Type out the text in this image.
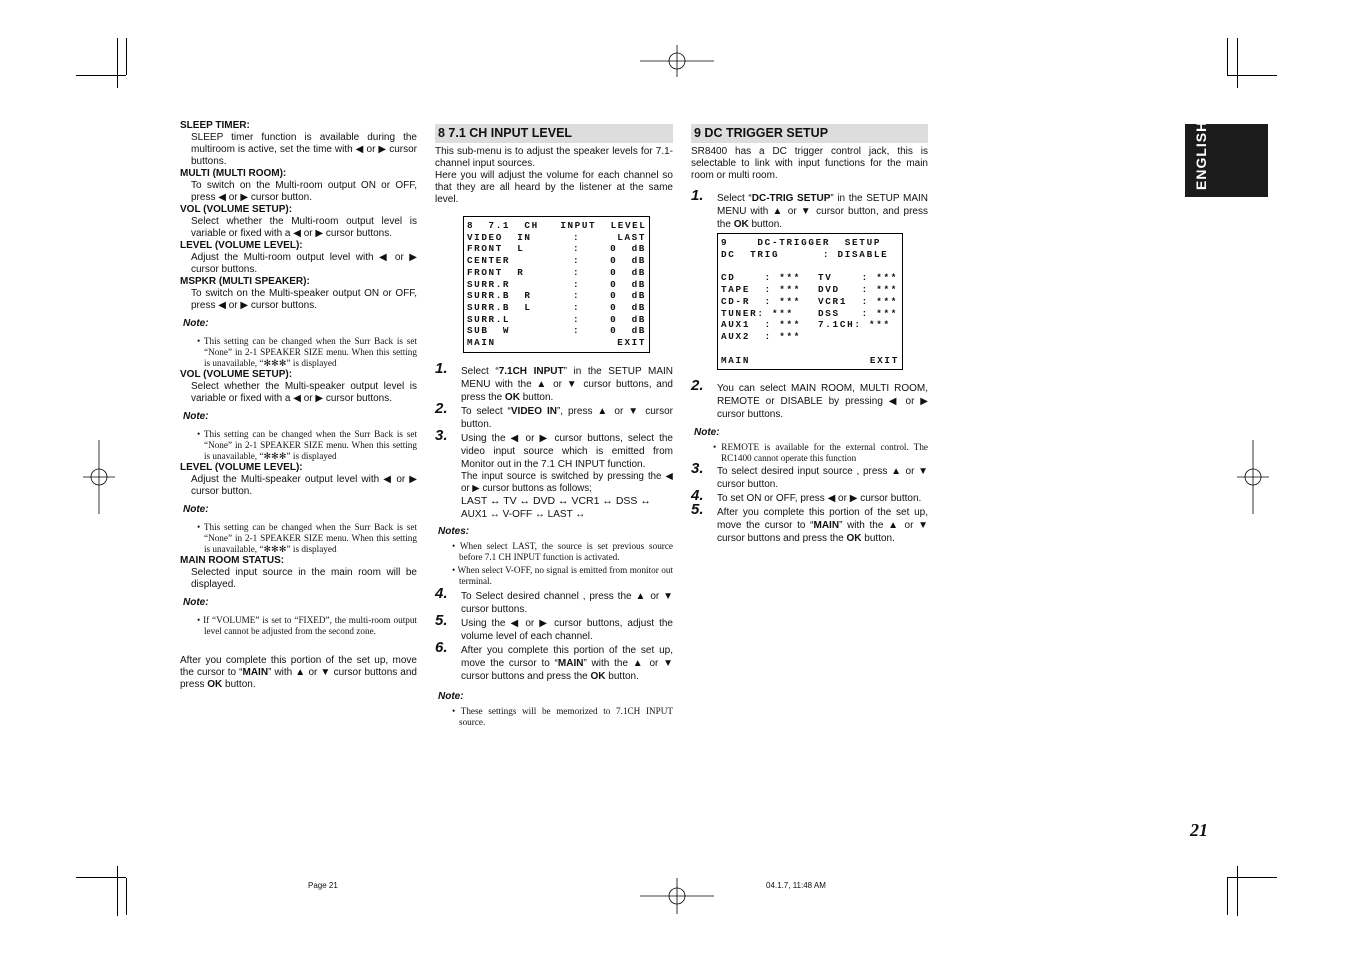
SLEEP TIMER:
SLEEP timer function is available during the multiroom is active, set the time with ◀ or ▶ cursor buttons.
MULTI (MULTI ROOM):
To switch on the Multi-room output ON or OFF, press ◀ or ▶ cursor button.
VOL (VOLUME SETUP):
Select whether the Multi-room output level is variable or fixed with a ◀ or ▶ cursor buttons.
LEVEL (VOLUME LEVEL):
Adjust the Multi-room output level with ◀ or ▶ cursor buttons.
MSPKR (MULTI SPEAKER):
To switch on the Multi-speaker output ON or OFF, press ◀ or ▶ cursor buttons.
Note:
• This setting can be changed when the Surr Back is set “None” in 2-1 SPEAKER SIZE menu. When this setting is unavailable, “✻✻✻” is displayed
VOL (VOLUME SETUP):
Select whether the Multi-speaker output level is variable or fixed with a ◀ or ▶ cursor buttons.
Note:
• This setting can be changed when the Surr Back is set “None” in 2-1 SPEAKER SIZE menu. When this setting is unavailable, “✻✻✻” is displayed
LEVEL (VOLUME LEVEL):
Adjust the Multi-speaker output level with ◀ or ▶ cursor button.
Note:
• This setting can be changed when the Surr Back is set “None” in 2-1 SPEAKER SIZE menu. When this setting is unavailable, “✻✻✻” is displayed
MAIN ROOM STATUS:
Selected input source in the main room will be displayed.
Note:
• If “VOLUME” is set to “FIXED”, the multi-room output level cannot be adjusted from the second zone.
After you complete this portion of the set up, move the cursor to “MAIN” with ▲ or ▼ cursor buttons and press OK button.
8 7.1 CH INPUT LEVEL
This sub-menu is to adjust the speaker levels for 7.1-channel input sources.
Here you will adjust the volume for each channel so that they are all heard by the listener at the same level.
8  7.1  CH   INPUT  LEVEL
VIDEO  IN	:	LAST
FRONT  L	:	0  dB
CENTER	:	0  dB
FRONT  R	:	0  dB
SURR.R	:	0  dB
SURR.B  R	:	0  dB
SURR.B  L	:	0  dB
SURR.L	:	0  dB
SUB  W	:	0  dB
MAIN	EXIT
1. Select “7.1CH INPUT” in the SETUP MAIN MENU with the ▲ or ▼ cursor buttons, and press the OK button.
2. To select “VIDEO IN”, press ▲ or ▼ cursor button.
3. Using the ◀ or ▶ cursor buttons, select the video input source which is emitted from Monitor out in the 7.1 CH INPUT function.
The input source is switched by pressing the ◀ or ▶ cursor buttons as follows;
LAST ↔ TV ↔ DVD ↔ VCR1 ↔ DSS ↔
AUX1 ↔ V-OFF ↔ LAST ↔
Notes:
• When select LAST, the source is set previous source before 7.1 CH INPUT function is activated.
• When select V-OFF, no signal is emitted from monitor out terminal.
4. To Select desired channel , press the ▲ or ▼ cursor buttons.
5. Using the ◀ or ▶ cursor buttons, adjust the volume level of each channel.
6. After you complete this portion of the set up, move the cursor to “MAIN” with the ▲ or ▼ cursor buttons and press the OK button.
Note:
• These settings will be memorized to 7.1CH INPUT source.
9 DC TRIGGER SETUP
SR8400 has a DC trigger control jack, this is selectable to link with input functions for the main room or multi room.
1. Select “DC-TRIG SETUP” in the SETUP MAIN MENU with ▲ or ▼ cursor button, and press the OK button.
9    DC-TRIGGER  SETUP
DC  TRIG      : DISABLE
CD    : ***	TV    : ***
TAPE  : ***	DVD   : ***
CD-R  : ***	VCR1  : ***
TUNER: ***	DSS   : ***
AUX1  : ***	7.1CH: ***
AUX2  : ***
MAIN	EXIT
2. You can select MAIN ROOM, MULTI ROOM, REMOTE or DISABLE by pressing ◀ or ▶ cursor buttons.
Note:
• REMOTE is available for the external control. The RC1400 cannot operate this function
3. To select desired input source , press ▲ or ▼ cursor button.
4. To set ON or OFF, press ◀ or ▶ cursor button.
5. After you complete this portion of the set up, move the cursor to “MAIN” with the ▲ or ▼ cursor buttons and press the OK button.
ENGLISH
21
Page 21	04.1.7, 11:48 AM
